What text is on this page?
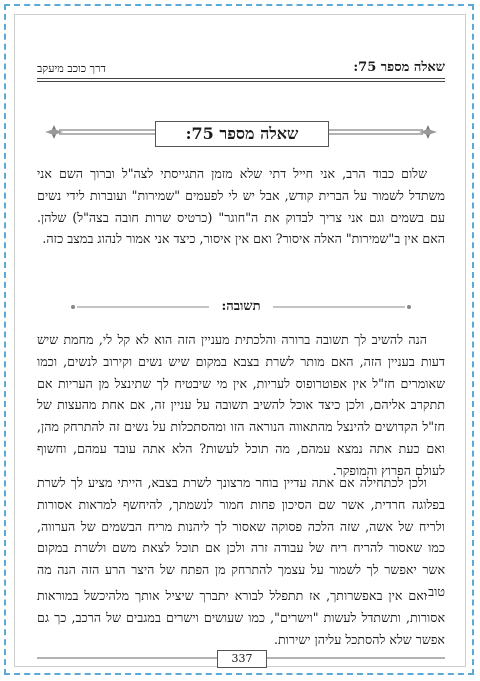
שאלה מספר 75:
דרך כוכב מיעקב
שאלה מספר 75:
שלום כבוד הרב, אני חייל דתי שלא מזמן התגייסתי לצה"ל וברוך השם אני משתדל לשמור על הברית קודש, אבל יש לי לפעמים "שמירות" ועוברות לידי נשים עם בשמים וגם אני צריך לבדוק את ה"חוגר" (כרטיס שרות חובה בצה"ל) שלהן. האם אין ב"שמירות" האלה איסור? ואם אין איסור, כיצד אני אמור לנהוג במצב כזה.
תשובה:
הנה להשיב לך תשובה ברורה והלכתית מעניין הזה הוא לא קל לי, מחמת שיש דעות בעניין הזה, האם מותר לשרת בצבא במקום שיש נשים וקירוב לנשים, וכמו שאומרים חז"ל אין אפוטרופוס לעריות, אין מי שיבטיח לך שתינצל מן העריות אם תתקרב אליהם, ולכן כיצד אוכל להשיב תשובה על עניין זה, אם אחת מהעצות של חז"ל הקדושים להינצל מהתאווה הנוראה הזו ומהסתכלות על נשים זה להתרחק מהן, ואם כעת אתה נמצא עמהם, מה תוכל לעשות? הלא אתה עובד עמהם, וחשוף לעולם הפרוץ והמופקר.
ולכן לכתחילה אם אתה עדיין בוחר מרצונך לשרת בצבא, הייתי מציע לך לשרת בפלוגה חרדית, אשר שם הסיכון פחות חמור לנשמתך, להיחשף למראות אסורות ולריח של אשה, שזה הלכה פסוקה שאסור לך ליהנות מריח הבשמים של הערווה, כמו שאסור להריח ריח של עבודה זרה ולכן אם תוכל לצאת משם ולשרת במקום אשר יאפשר לך לשמור על עצמך להתרחק מן הפתח של היצר הרע הזה הנה מה טוב.
ואם אין באפשרותך, אז תתפלל לבורא יתברך שיציל אותך מלהיכשל במוראות אסורות, ותשתדל לעשות "וישרים", כמו שעושים וישרים במגבים של הרכב, כך גם אפשר שלא להסתכל עליהן ישירות.
337
